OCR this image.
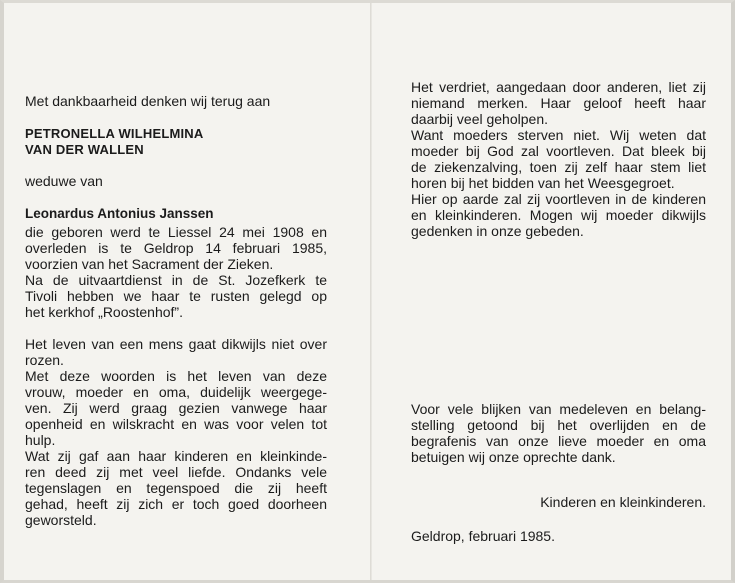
Met dankbaarheid denken wij terug aan

PETRONELLA WILHELMINA

VAN DER WALLEN

weduwe van

Leonardus Antonius Janssen

die geboren werd te Liessel 24 mei 1908 en

overleden is te Geldrop 14 februari 1985,

voorzien van het Sacrament der Zieken.

Na de uitvaartdienst in de St. Jozefkerk te

Tivoli hebben we haar te rusten gelegd op

het kerkhof „Roostenhof”.

Het leven van een mens gaat dikwijls niet over

rozen.

Met deze woorden is het leven van deze

vrouw, moeder en oma, duidelijk weergege-

ven. Zij werd graag gezien vanwege haar

openheid en wilskracht en was voor velen tot

hulp.

Wat zij gaf aan haar kinderen en kleinkinde-

ren deed zij met veel liefde. Ondanks vele

tegenslagen en tegenspoed die zij heeft

gehad, heeft zij zich er toch goed doorheen

geworsteld.

Het verdriet, aangedaan door anderen, liet zij

niemand merken. Haar geloof heeft haar

daarbij veel geholpen.

Want moeders sterven niet. Wij weten dat

moeder bij God zal voortleven. Dat bleek bij

de ziekenzalving, toen zij zelf haar stem liet

horen bij het bidden van het Weesgegroet.

Hier op aarde zal zij voortleven in de kinderen

en kleinkinderen. Mogen wij moeder dikwijls

gedenken in onze gebeden.

Voor vele blijken van medeleven en belang-

stelling getoond bij het overlijden en de

begrafenis van onze lieve moeder en oma

betuigen wij onze oprechte dank.

Kinderen en kleinkinderen.

Geldrop, februari 1985.
